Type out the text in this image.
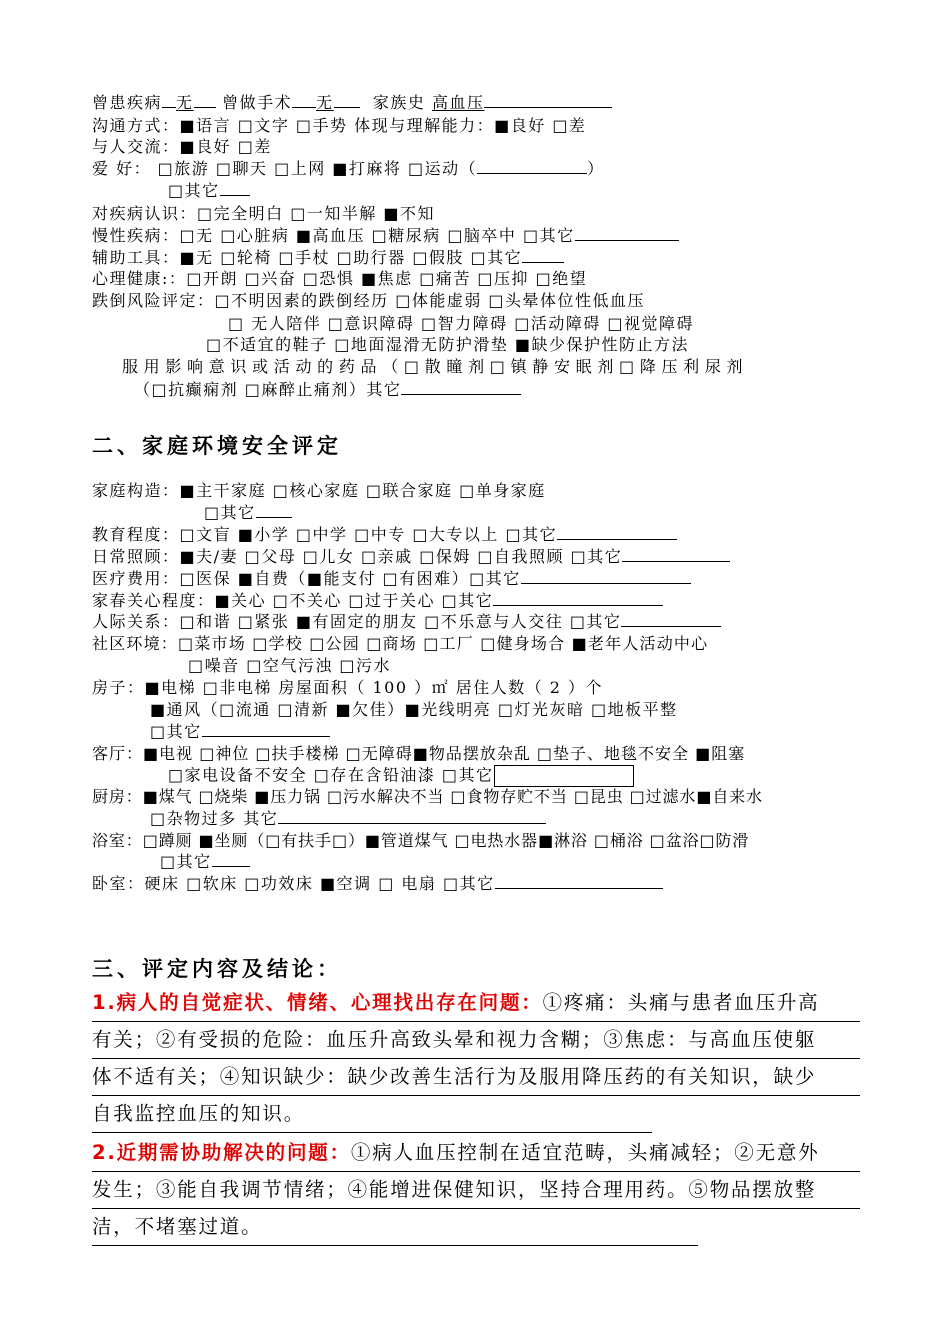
曾患疾病 无 曾做手术 无 家族史 高血压
沟通方式：■语言 □文字 □手势 体现与理解能力：■良好 □差
与人交流：■良好 □差
爱 好： □旅游 □聊天 □上网 ■打麻将 □运动（	）
□其它
对疾病认识：□完全明白 □一知半解 ■不知
慢性疾病：□无 □心脏病 ■高血压 □糖尿病 □脑卒中 □其它
辅助工具：■无 □轮椅 □手杖 □助行器 □假肢 □其它
心理健康:：□开朗 □兴奋 □恐惧 ■焦虑 □痛苦 □压抑 □绝望
跌倒风险评定：□不明因素的跌倒经历 □体能虚弱 □头晕体位性低血压
□ 无人陪伴 □意识障碍 □智力障碍 □活动障碍 □视觉障碍
□不适宜的鞋子 □地面湿滑无防护滑垫 ■缺少保护性防止方法
服 用 影 响 意 识 或 活 动 的 药 品 （ □ 散 瞳 剂 □ 镇 静 安 眠 剂 □ 降 压 利 尿 剂
（□抗癫痫剂 □麻醉止痛剂）其它
二、家庭环境安全评定
家庭构造：■主干家庭 □核心家庭 □联合家庭 □单身家庭
□其它
教育程度：□文盲 ■小学 □中学 □中专 □大专以上 □其它
日常照顾：■夫/妻 □父母 □儿女 □亲戚 □保姆 □自我照顾 □其它
医疗费用：□医保 ■自费（■能支付 □有困难）□其它
家春关心程度：■关心 □不关心 □过于关心 □其它
人际关系：□和谐 □紧张 ■有固定的朋友 □不乐意与人交往 □其它
社区环境：□菜市场 □学校 □公园 □商场 □工厂 □健身场合 ■老年人活动中心
□噪音 □空气污浊 □污水
房子：■电梯 □非电梯 房屋面积（ 100 ）㎡ 居住人数（ 2 ）个
■通风（□流通 □清新 ■欠佳）■光线明亮 □灯光灰暗 □地板平整
□其它
客厅：■电视 □神位 □扶手楼梯 □无障碍■物品摆放杂乱 □垫子、地毯不安全 ■阻塞
□家电设备不安全 □存在含铅油漆 □其它
厨房：■煤气 □烧柴 ■压力锅 □污水解决不当 □食物存贮不当 □昆虫 □过滤水■自来水
□杂物过多 其它
浴室：□蹲厕 ■坐厕（□有扶手□）■管道煤气 □电热水器■淋浴 □桶浴 □盆浴□防滑
□其它
卧室：硬床 □软床 □功效床 ■空调 □ 电扇 □其它
三、评定内容及结论：
1.病人的自觉症状、情绪、心理找出存在问题：①疼痛：头痛与患者血压升高
有关；②有受损的危险：血压升高致头晕和视力含糊；③焦虑：与高血压使躯
体不适有关；④知识缺少：缺少改善生活行为及服用降压药的有关知识，缺少
自我监控血压的知识。
2.近期需协助解决的问题：①病人血压控制在适宜范畴，头痛减轻；②无意外
发生；③能自我调节情绪；④能增进保健知识，坚持合理用药。⑤物品摆放整
洁，不堵塞过道。
